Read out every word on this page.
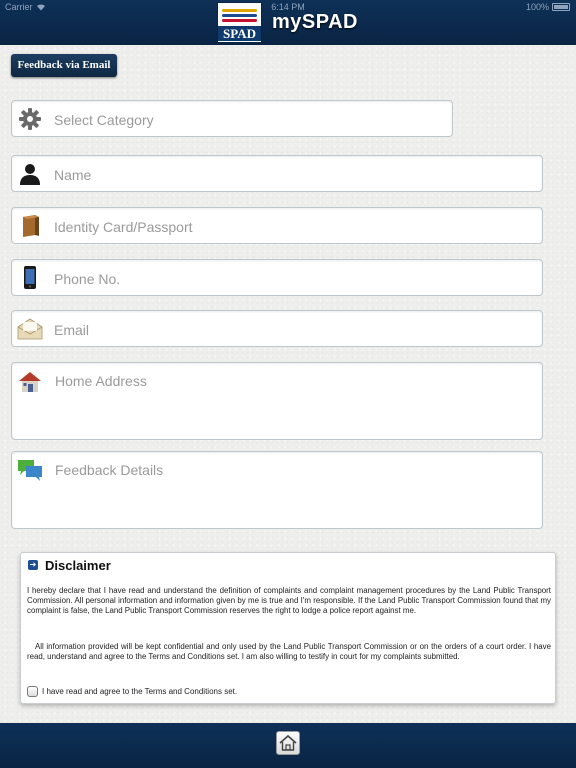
Carrier	6:14 PM	100%
SPAD
mySPAD
Feedback via Email
Select Category
Name
Identity Card/Passport
Phone No.
Email
Home Address
Feedback Details
➔ Disclaimer

I hereby declare that I have read and understand the definition of complaints and complaint management procedures by the Land Public Transport Commission. All personal information and information given by me is true and I'm responsible. If the Land Public Transport Commission found that my complaint is false, the Land Public Transport Commission reserves the right to lodge a police report against me.

All information provided will be kept confidential and only used by the Land Public Transport Commission or on the orders of a court order. I have read, understand and agree to the Terms and Conditions set. I am also willing to testify in court for my complaints submitted.

I have read and agree to the Terms and Conditions set.
